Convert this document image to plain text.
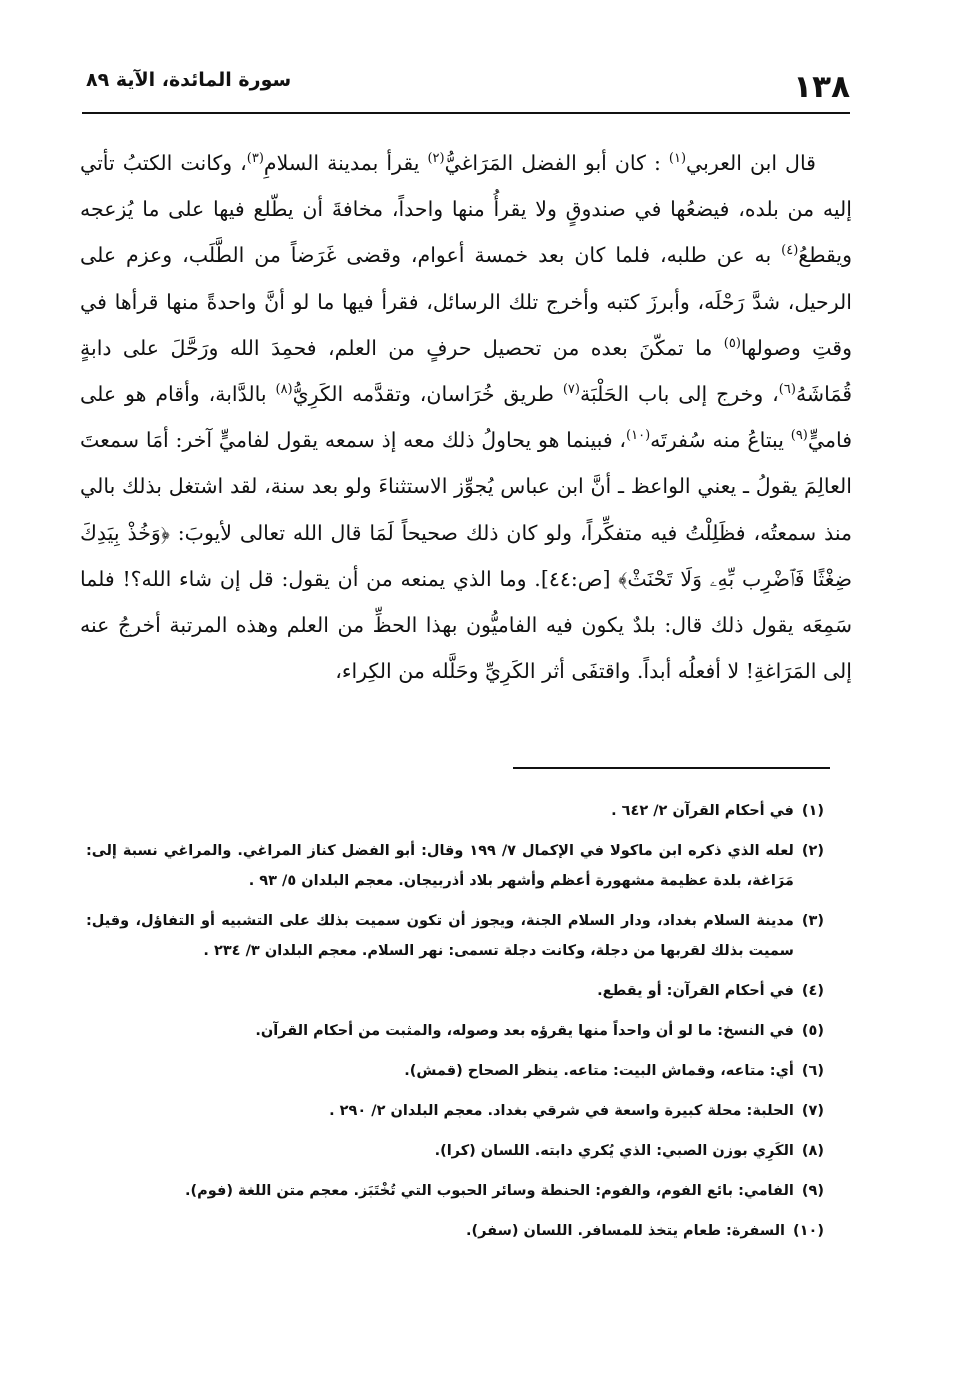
١٣٨
سورة المائدة، الآية ٨٩

قال ابن العربي$^{(١)}$ : كان أبو الفضل المَرَاغيُّ$^{(٢)}$ يقرأ بمدينة السلامِ$^{(٣)}$، وكانت الكتبُ تأتي إليه من بلده، فيضعُها في صندوقٍ ولا يقرأُ منها واحداً، مخافةَ أن يطّلع فيها على ما يُزعجه ويقطعُ$^{(٤)}$ به عن طلبه، فلما كان بعد خمسة أعوام، وقضى غَرَضاً من الطَّلَب، وعزم على الرحيل، شدَّ رَحْلَه، وأبرزَ كتبه وأخرج تلك الرسائل، فقرأ فيها ما لو أنَّ واحدةً منها قرأها في وقتِ وصولها$^{(٥)}$ ما تمكّنَ بعده من تحصيل حرفٍ من العلم، فحمِدَ الله ورَحَّلَ على دابةٍ قُمَاشَهُ$^{(٦)}$، وخرج إلى باب الحَلْبَة$^{(٧)}$ طريق خُرَاسان، وتقدَّمه الكَرِيُّ$^{(٨)}$ بالدَّابة، وأقام هو على فاميٍّ$^{(٩)}$ يبتاعُ منه سُفرتَه$^{(١٠)}$، فبينما هو يحاولُ ذلك معه إذ سمعه يقول لفاميٍّ آخر: أمَا سمعتَ العالِمَ يقولُ ـ يعني الواعظ ـ أنَّ ابن عباس يُجوِّز الاستثناءَ ولو بعد سنة، لقد اشتغل بذلك بالي منذ سمعتُه، فظَلِلْتُ فيه متفكِّراً، ولو كان ذلك صحيحاً لَمَا قال الله تعالى لأيوبَ: ﴿وَخُذْ بِيَدِكَ ضِغْثًا فَٱضْرِب بِّهِۦ وَلَا تَحْنَثْ﴾ [ص:٤٤]. وما الذي يمنعه من أن يقول: قل إن شاء الله؟! فلما سَمِعَه يقول ذلك قال: بلدٌ يكون فيه الفاميُّون بهذا الحظِّ من العلم وهذه المرتبة أخرجُ عنه إلى المَرَاغةِ! لا أفعلُه أبداً. واقتفَى أثر الكَرِيِّ وحَلَّله من الكِراء،

(١)
في أحكام القرآن ٢/ ٦٤٢ .
(٢)
لعله الذي ذكره ابن ماكولا في الإكمال ٧/ ١٩٩ وقال: أبو الفضل كناز المراغي. والمراغي نسبة إلى: مَرَاغة، بلدة عظيمة مشهورة أعظم وأشهر بلاد أذربيجان. معجم البلدان ٥/ ٩٣ .
(٣)
مدينة السلام بغداد، ودار السلام الجنة، ويجوز أن تكون سميت بذلك على التشبيه أو التفاؤل، وقيل: سميت بذلك لقربها من دجلة، وكانت دجلة تسمى: نهر السلام. معجم البلدان ٣/ ٢٣٤ .
(٤)
في أحكام القرآن: أو يقطع.
(٥)
في النسخ: ما لو أن واحداً منها يقرؤه بعد وصوله، والمثبت من أحكام القرآن.
(٦)
أي: متاعه، وقماش البيت: متاعه. ينظر الصحاح (قمش).
(٧)
الحلبة: محلة كبيرة واسعة في شرقي بغداد. معجم البلدان ٢/ ٢٩٠ .
(٨)
الكَرِي بوزن الصبي: الذي يُكري دابته. اللسان (كرا).
(٩)
الفامي: بائع الفوم، والفوم: الحنطة وسائر الحبوب التي تُخْتَبَز. معجم متن اللغة (فوم).
(١٠)
السفرة: طعام يتخذ للمسافر. اللسان (سفر).
